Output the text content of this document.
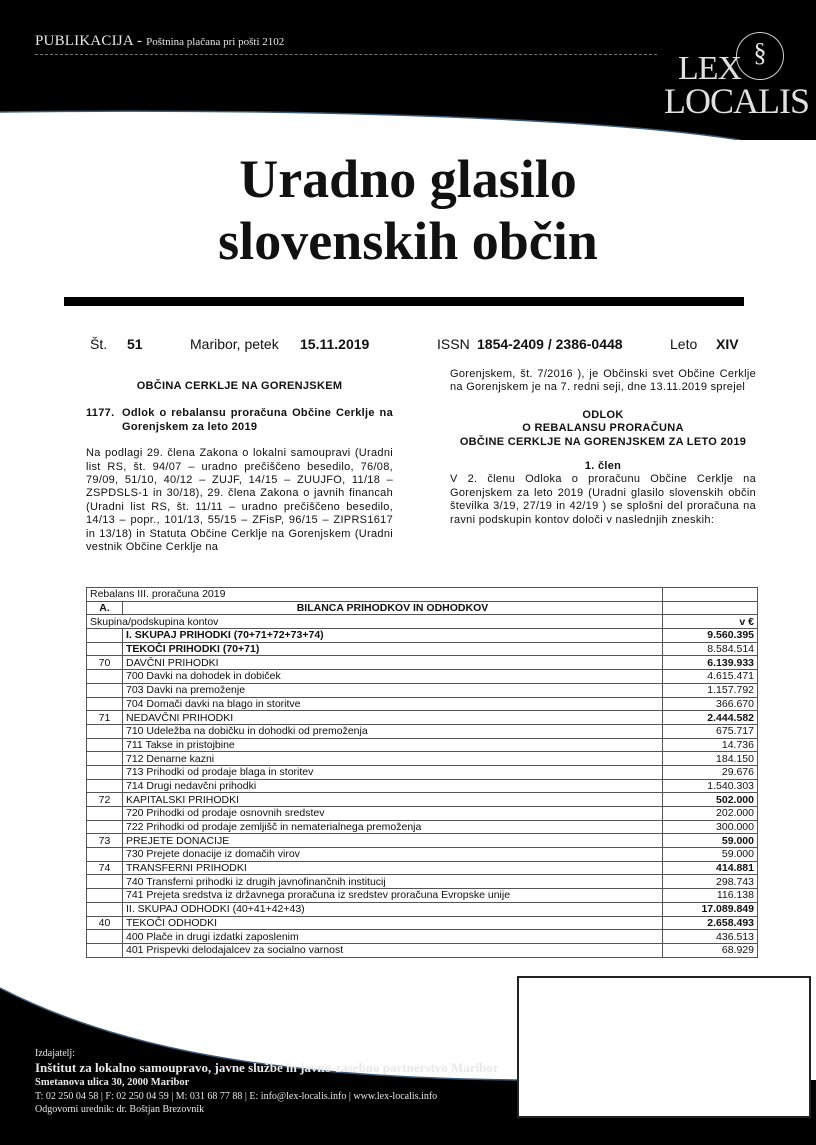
PUBLIKACIJA - Poštnina plačana pri pošti 2102	§
LEX
LOCALIS
Uradno glasilo
slovenskih občin
Št. 51	Maribor, petek 15.11.2019	ISSN 1854-2409 / 2386-0448	Leto XIV
OBČINA CERKLJE NA GORENJSKEM
1177. Odlok o rebalansu proračuna Občine Cerklje na Gorenjskem za leto 2019
Na podlagi 29. člena Zakona o lokalni samoupravi (Uradni list RS, št. 94/07 – uradno prečiščeno besedilo, 76/08, 79/09, 51/10, 40/12 – ZUJF, 14/15 – ZUUJFO, 11/18 – ZSPDSLS-1 in 30/18), 29. člena Zakona o javnih financah (Uradni list RS, št. 11/11 – uradno prečiščeno besedilo, 14/13 – popr., 101/13, 55/15 – ZFisP, 96/15 – ZIPRS1617 in 13/18) in Statuta Občine Cerklje na Gorenjskem (Uradni vestnik Občine Cerklje na
Gorenjskem, št. 7/2016 ), je Občinski svet Občine Cerklje na Gorenjskem je na 7. redni seji, dne 13.11.2019 sprejel
ODLOK
O REBALANSU PRORAČUNA
OBČINE CERKLJE NA GORENJSKEM ZA LETO 2019
1. člen
V 2. členu Odloka o proračunu Občine Cerklje na Gorenjskem za leto 2019 (Uradni glasilo slovenskih občin številka 3/19, 27/19 in 42/19 ) se splošni del proračuna na ravni podskupin kontov določi v naslednjih zneskih:
Rebalans III. proračuna 2019		
A.	BILANCA PRIHODKOV IN ODHODKOV	
Skupina/podskupina kontov		v €
	I. SKUPAJ PRIHODKI (70+71+72+73+74)	9.560.395
	TEKOČI PRIHODKI (70+71)	8.584.514
70	DAVČNI PRIHODKI	6.139.933
	700 Davki na dohodek in dobiček	4.615.471
	703 Davki na premoženje	1.157.792
	704 Domači davki na blago in storitve	366.670
71	NEDAVČNI PRIHODKI	2.444.582
	710 Udeležba na dobičku in dohodki od premoženja	675.717
	711 Takse in pristojbine	14.736
	712 Denarne kazni	184.150
	713 Prihodki od prodaje blaga in storitev	29.676
	714 Drugi nedavčni prihodki	1.540.303
72	KAPITALSKI PRIHODKI	502.000
	720 Prihodki od prodaje osnovnih sredstev	202.000
	722 Prihodki od prodaje zemljišč in nematerialnega premoženja	300.000
73	PREJETE DONACIJE	59.000
	730 Prejete donacije iz domačih virov	59.000
74	TRANSFERNI PRIHODKI	414.881
	740 Transferni prihodki iz drugih javnofinančnih institucij	298.743
	741 Prejeta sredstva iz državnega proračuna iz sredstev proračuna Evropske unije	116.138
	II. SKUPAJ ODHODKI (40+41+42+43)	17.089.849
40	TEKOČI ODHODKI	2.658.493
	400 Plače in drugi izdatki zaposlenim	436.513
	401 Prispevki delodajalcev za socialno varnost	68.929
Izdajatelj:
Inštitut za lokalno samoupravo, javne službe in javno-zasebno partnerstvo Maribor
Smetanova ulica 30, 2000 Maribor
T: 02 250 04 58 | F: 02 250 04 59 | M: 031 68 77 88 | E: info@lex-localis.info | www.lex-localis.info
Odgovorni urednik: dr. Boštjan Brezovnik
